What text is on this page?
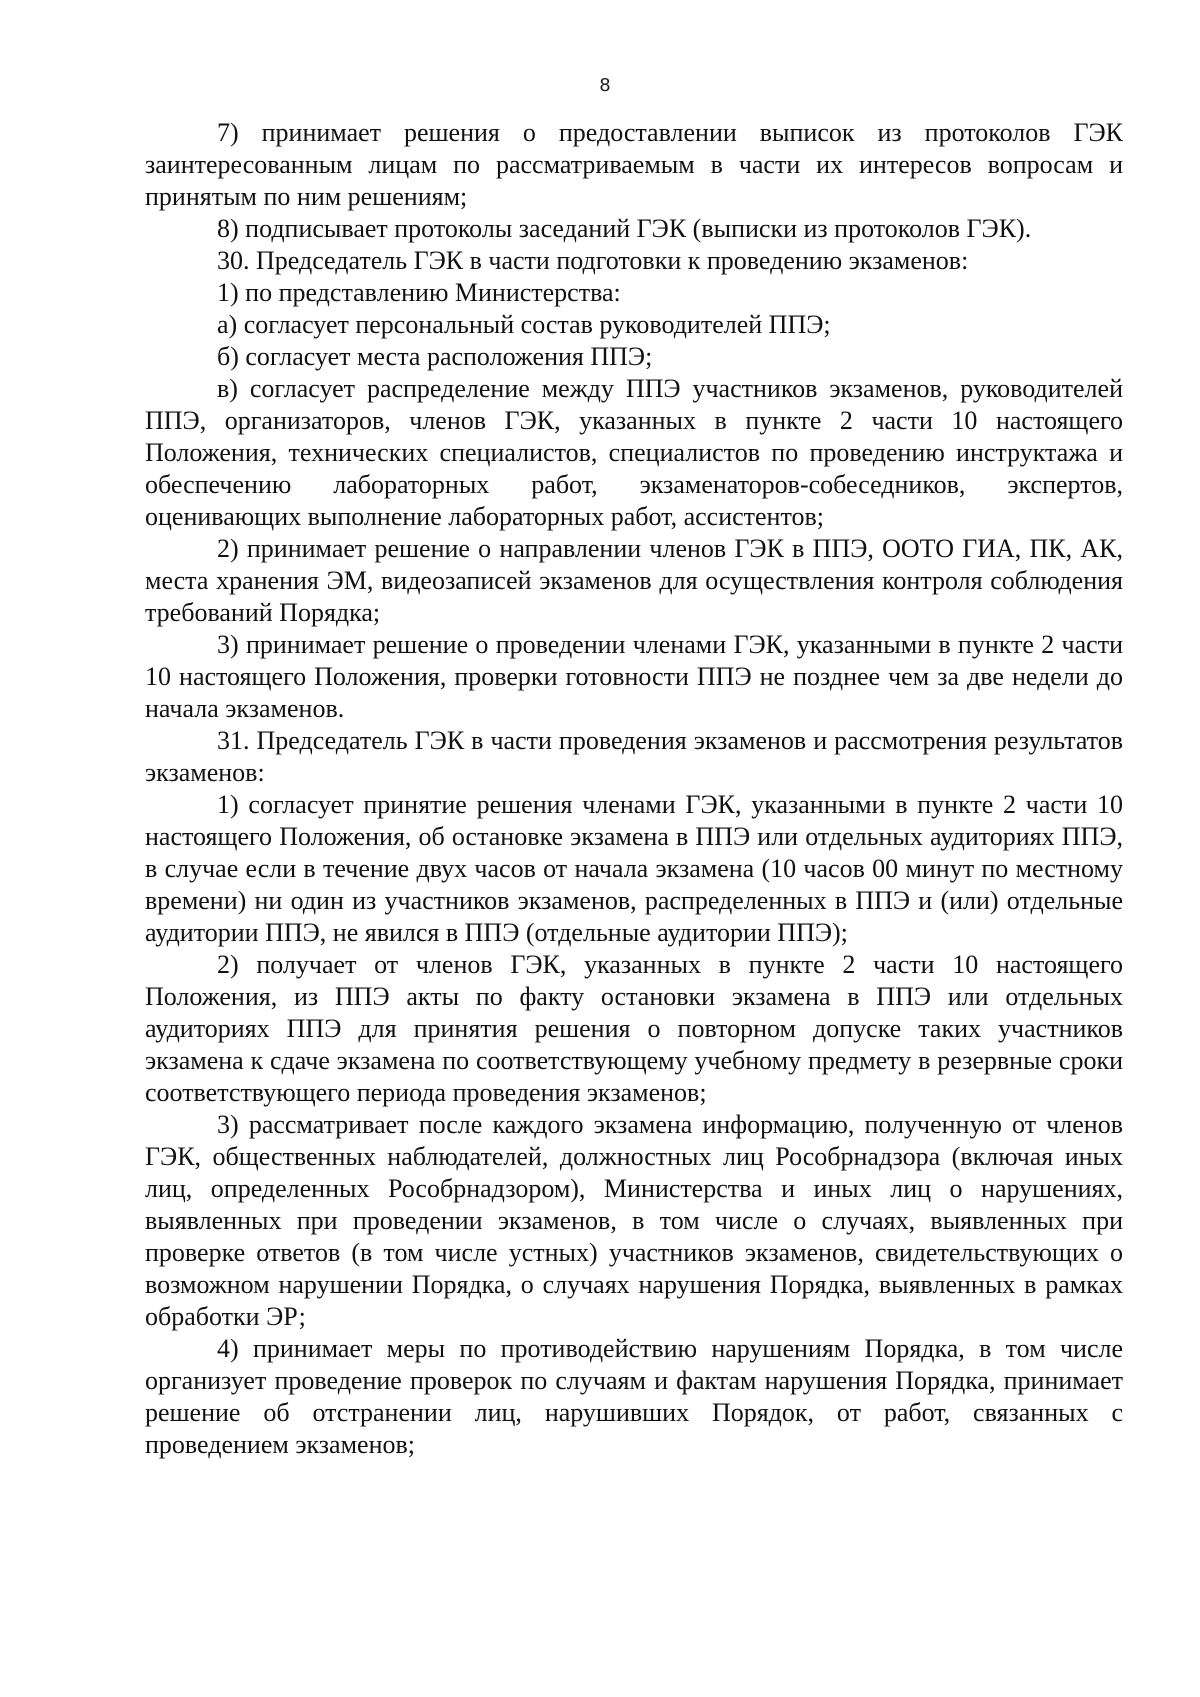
8

7) принимает решения о предоставлении выписок из протоколов ГЭК заинтересованным лицам по рассматриваемым в части их интересов вопросам и принятым по ним решениям;

8) подписывает протоколы заседаний ГЭК (выписки из протоколов ГЭК).

30. Председатель ГЭК в части подготовки к проведению экзаменов:

1) по представлению Министерства:

а) согласует персональный состав руководителей ППЭ;

б) согласует места расположения ППЭ;

в) согласует распределение между ППЭ участников экзаменов, руководителей ППЭ, организаторов, членов ГЭК, указанных в пункте 2 части 10 настоящего Положения, технических специалистов, специалистов по проведению инструктажа и обеспечению лабораторных работ, экзаменаторов-собеседников, экспертов, оценивающих выполнение лабораторных работ, ассистентов;

2) принимает решение о направлении членов ГЭК в ППЭ, ООТО ГИА, ПК, АК, места хранения ЭМ, видеозаписей экзаменов для осуществления контроля соблюдения требований Порядка;

3) принимает решение о проведении членами ГЭК, указанными в пункте 2 части 10 настоящего Положения, проверки готовности ППЭ не позднее чем за две недели до начала экзаменов.

31. Председатель ГЭК в части проведения экзаменов и рассмотрения результатов экзаменов:

1) согласует принятие решения членами ГЭК, указанными в пункте 2 части 10 настоящего Положения, об остановке экзамена в ППЭ или отдельных аудиториях ППЭ, в случае если в течение двух часов от начала экзамена (10 часов 00 минут по местному времени) ни один из участников экзаменов, распределенных в ППЭ и (или) отдельные аудитории ППЭ, не явился в ППЭ (отдельные аудитории ППЭ);

2) получает от членов ГЭК, указанных в пункте 2 части 10 настоящего Положения, из ППЭ акты по факту остановки экзамена в ППЭ или отдельных аудиториях ППЭ для принятия решения о повторном допуске таких участников экзамена к сдаче экзамена по соответствующему учебному предмету в резервные сроки соответствующего периода проведения экзаменов;

3) рассматривает после каждого экзамена информацию, полученную от членов ГЭК, общественных наблюдателей, должностных лиц Рособрнадзора (включая иных лиц, определенных Рособрнадзором), Министерства и иных лиц о нарушениях, выявленных при проведении экзаменов, в том числе о случаях, выявленных при проверке ответов (в том числе устных) участников экзаменов, свидетельствующих о возможном нарушении Порядка, о случаях нарушения Порядка, выявленных в рамках обработки ЭР;

4) принимает меры по противодействию нарушениям Порядка, в том числе организует проведение проверок по случаям и фактам нарушения Порядка, принимает решение об отстранении лиц, нарушивших Порядок, от работ, связанных с проведением экзаменов;
